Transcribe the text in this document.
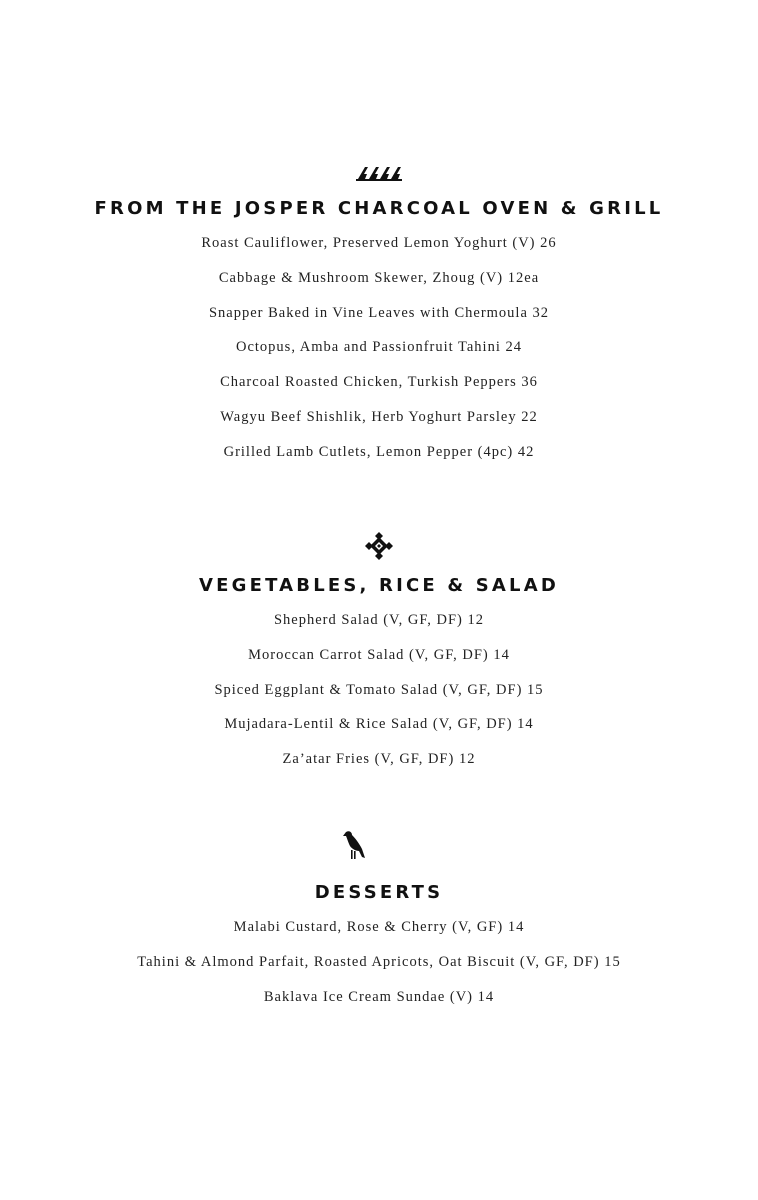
FROM THE JOSPER CHARCOAL OVEN & GRILL
Roast Cauliflower, Preserved Lemon Yoghurt (V) 26
Cabbage & Mushroom Skewer, Zhoug (V) 12ea
Snapper Baked in Vine Leaves with Chermoula 32
Octopus, Amba and Passionfruit Tahini 24
Charcoal Roasted Chicken, Turkish Peppers 36
Wagyu Beef Shishlik, Herb Yoghurt Parsley 22
Grilled Lamb Cutlets, Lemon Pepper (4pc) 42
VEGETABLES, RICE & SALAD
Shepherd Salad (V, GF, DF) 12
Moroccan Carrot Salad (V, GF, DF) 14
Spiced Eggplant & Tomato Salad (V, GF, DF) 15
Mujadara-Lentil & Rice Salad (V, GF, DF) 14
Za’atar Fries (V, GF, DF) 12
DESSERTS
Malabi Custard, Rose & Cherry (V, GF) 14
Tahini & Almond Parfait, Roasted Apricots, Oat Biscuit (V, GF, DF) 15
Baklava Ice Cream Sundae (V) 14
